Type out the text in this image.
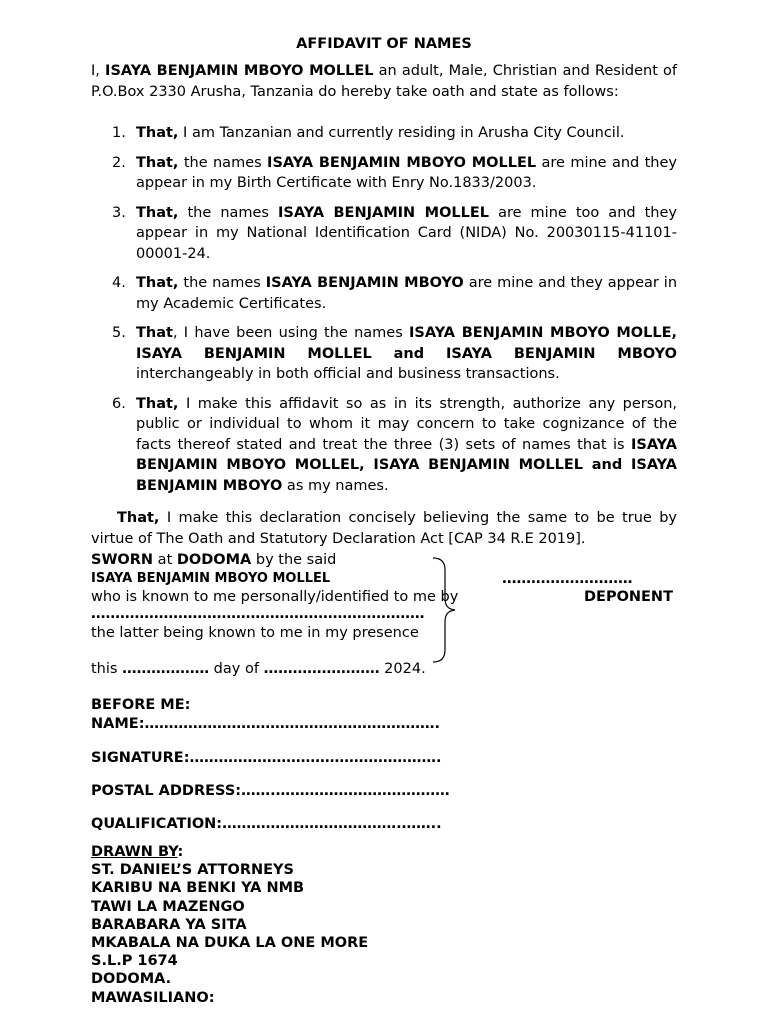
AFFIDAVIT OF NAMES
I, ISAYA BENJAMIN MBOYO MOLLEL an adult, Male, Christian and Resident of P.O.Box 2330 Arusha, Tanzania do hereby take oath and state as follows:
1. That, I am Tanzanian and currently residing in Arusha City Council.
2. That, the names ISAYA BENJAMIN MBOYO MOLLEL are mine and they appear in my Birth Certificate with Enry No.1833/2003.
3. That, the names ISAYA BENJAMIN MOLLEL are mine too and they appear in my National Identification Card (NIDA) No. 20030115-41101-00001-24.
4. That, the names ISAYA BENJAMIN MBOYO are mine and they appear in my Academic Certificates.
5. That, I have been using the names ISAYA BENJAMIN MBOYO MOLLE, ISAYA BENJAMIN MOLLEL and ISAYA BENJAMIN MBOYO interchangeably in both official and business transactions.
6. That, I make this affidavit so as in its strength, authorize any person, public or individual to whom it may concern to take cognizance of the facts thereof stated and treat the three (3) sets of names that is ISAYA BENJAMIN MBOYO MOLLEL, ISAYA BENJAMIN MOLLEL and ISAYA BENJAMIN MBOYO as my names.
That, I make this declaration concisely believing the same to be true by virtue of The Oath and Statutory Declaration Act [CAP 34 R.E 2019].
SWORN at DODOMA by the said
ISAYA BENJAMIN MBOYO MOLLEL	………………………
who is known to me personally/identified to me by	DEPONENT
……………………………………………………………
the latter being known to me in my presence
this ……………… day of …………………… 2024.
BEFORE ME:
NAME:…………………………………………………….
SIGNATURE:…………………………………………….
POSTAL ADDRESS:…….………………………………
QUALIFICATION:……………………………….……..
DRAWN BY:
ST. DANIEL’S ATTORNEYS
KARIBU NA BENKI YA NMB
TAWI LA MAZENGO
BARABARA YA SITA
MKABALA NA DUKA LA ONE MORE
S.L.P 1674
DODOMA.
MAWASILIANO:
